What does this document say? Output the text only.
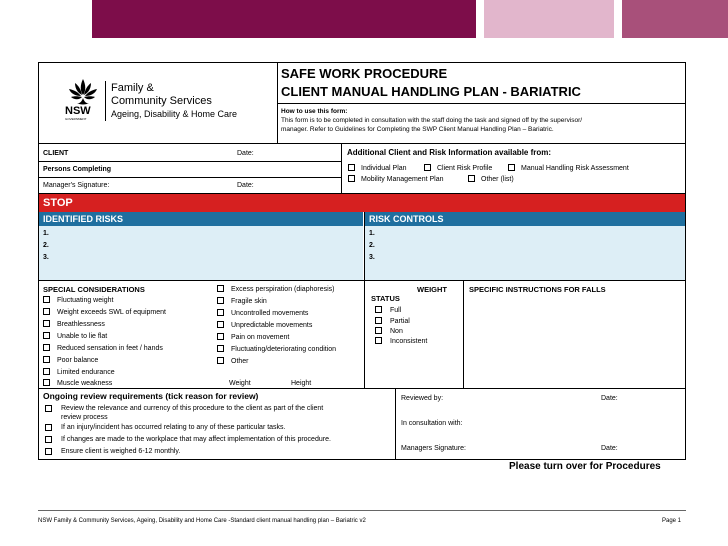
NSW
GOVERNMENT
Family &
Community Services
Ageing, Disability & Home Care
SAFE WORK PROCEDURE
CLIENT MANUAL HANDLING PLAN - BARIATRIC
How to use this form:
This form is to be completed in consultation with the staff doing the task and signed off by the supervisor/
manager. Refer to Guidelines for Completing the SWP Client Manual Handling Plan – Bariatric.
CLIENT	Date:
Persons Completing
Manager's Signature:	Date:
Additional Client and Risk Information available from:
Individual Plan	Client Risk Profile	Manual Handling Risk Assessment
Mobility Management Plan	Other (list)
STOP
IDENTIFIED RISKS	RISK CONTROLS
1.
2.
3.
1.
2.
3.
SPECIAL CONSIDERATIONS
Fluctuating weight
Weight exceeds SWL of equipment
Breathlessness
Unable to lie flat
Reduced sensation in feet / hands
Poor balance
Limited endurance
Muscle weakness
Excess perspiration (diaphoresis)
Fragile skin
Uncontrolled movements
Unpredictable movements
Pain on movement
Fluctuating/deteriorating condition
Other
Weight	Height
WEIGHT
STATUS
Full
Partial
Non
Inconsistent
SPECIFIC INSTRUCTIONS FOR FALLS
Ongoing review requirements (tick reason for review)
Review the relevance and currency of this procedure to the client as part of the client
review process
If an injury/incident has occurred relating to any of these particular tasks.
If changes are made to the workplace that may affect implementation of this procedure.
Ensure client is weighed 6-12 monthly.
Reviewed by:	Date:
In consultation with:
Managers Signature:	Date:
Please turn over for Procedures
NSW Family & Community Services, Ageing, Disability and Home Care -Standard client manual handling plan – Bariatric v2	Page 1
